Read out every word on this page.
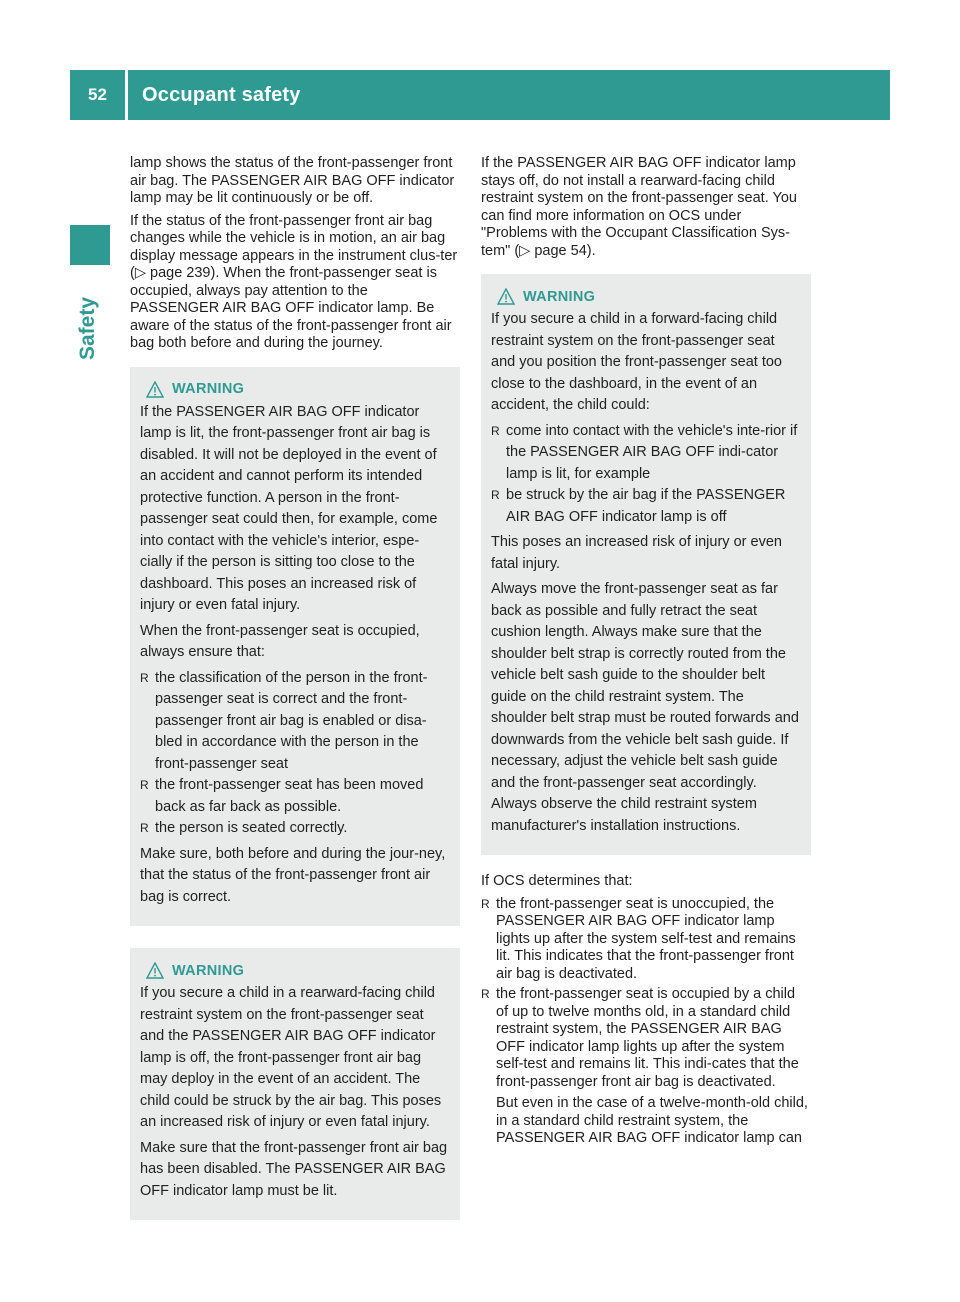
52	Occupant safety
Safety

lamp shows the status of the front-passenger front air bag. The PASSENGER AIR BAG OFF indicator lamp may be lit continuously or be off.

If the status of the front-passenger front air bag changes while the vehicle is in motion, an air bag display message appears in the instrument clus-ter (▷ page 239). When the front-passenger seat is occupied, always pay attention to the PASSENGER AIR BAG OFF indicator lamp. Be aware of the status of the front-passenger front air bag both before and during the journey.

WARNING

If the PASSENGER AIR BAG OFF indicator lamp is lit, the front-passenger front air bag is disabled. It will not be deployed in the event of an accident and cannot perform its intended protective function. A person in the front-passenger seat could then, for example, come into contact with the vehicle's interior, espe-cially if the person is sitting too close to the dashboard. This poses an increased risk of injury or even fatal injury.

When the front-passenger seat is occupied, always ensure that:

R the classification of the person in the front-passenger seat is correct and the front-passenger front air bag is enabled or disa-bled in accordance with the person in the front-passenger seat
R the front-passenger seat has been moved back as far back as possible.
R the person is seated correctly.

Make sure, both before and during the jour-ney, that the status of the front-passenger front air bag is correct.

WARNING

If you secure a child in a rearward-facing child restraint system on the front-passenger seat and the PASSENGER AIR BAG OFF indicator lamp is off, the front-passenger front air bag may deploy in the event of an accident. The child could be struck by the air bag. This poses an increased risk of injury or even fatal injury.

Make sure that the front-passenger front air bag has been disabled. The PASSENGER AIR BAG OFF indicator lamp must be lit.

If the PASSENGER AIR BAG OFF indicator lamp stays off, do not install a rearward-facing child restraint system on the front-passenger seat. You can find more information on OCS under "Problems with the Occupant Classification Sys-tem" (▷ page 54).

WARNING

If you secure a child in a forward-facing child restraint system on the front-passenger seat and you position the front-passenger seat too close to the dashboard, in the event of an accident, the child could:

R come into contact with the vehicle's inte-rior if the PASSENGER AIR BAG OFF indi-cator lamp is lit, for example
R be struck by the air bag if the PASSENGER AIR BAG OFF indicator lamp is off

This poses an increased risk of injury or even fatal injury.

Always move the front-passenger seat as far back as possible and fully retract the seat cushion length. Always make sure that the shoulder belt strap is correctly routed from the vehicle belt sash guide to the shoulder belt guide on the child restraint system. The shoulder belt strap must be routed forwards and downwards from the vehicle belt sash guide. If necessary, adjust the vehicle belt sash guide and the front-passenger seat accordingly. Always observe the child restraint system manufacturer's installation instructions.

If OCS determines that:

R the front-passenger seat is unoccupied, the PASSENGER AIR BAG OFF indicator lamp lights up after the system self-test and remains lit. This indicates that the front-passenger front air bag is deactivated.
R the front-passenger seat is occupied by a child of up to twelve months old, in a standard child restraint system, the PASSENGER AIR BAG OFF indicator lamp lights up after the system self-test and remains lit. This indi-cates that the front-passenger front air bag is deactivated.

But even in the case of a twelve-month-old child, in a standard child restraint system, the PASSENGER AIR BAG OFF indicator lamp can
